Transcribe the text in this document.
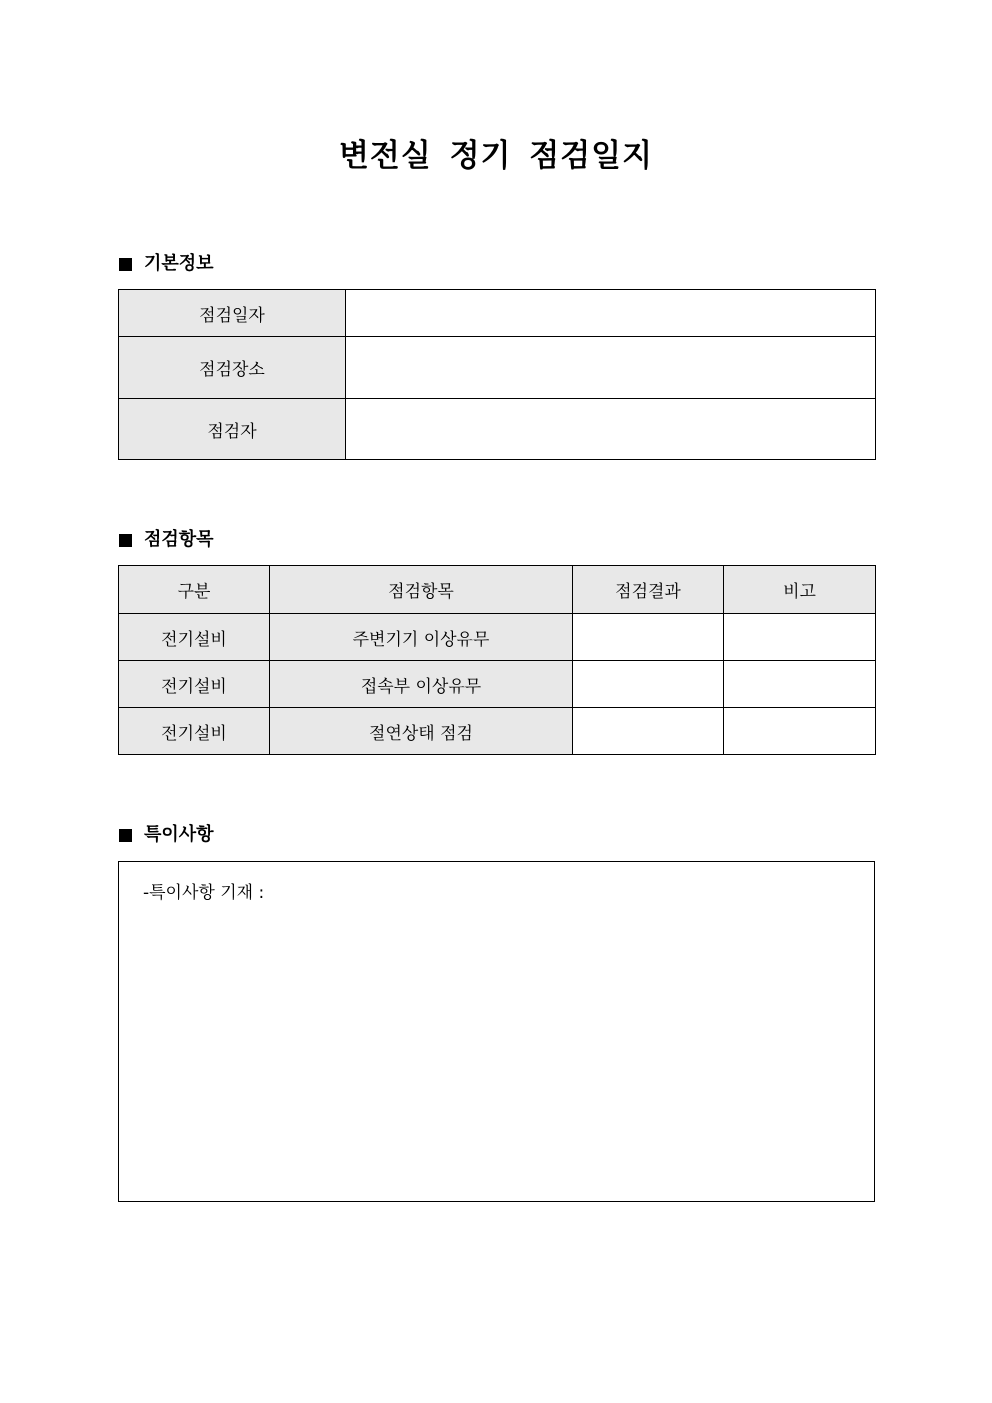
변전실 정기 점검일지
기본정보
점검일자	
점검장소	
점검자	
점검항목
구분	점검항목	점검결과	비고
전기설비	주변기기 이상유무		
전기설비	접속부 이상유무		
전기설비	절연상태 점검		
특이사항
-특이사항 기재 :
